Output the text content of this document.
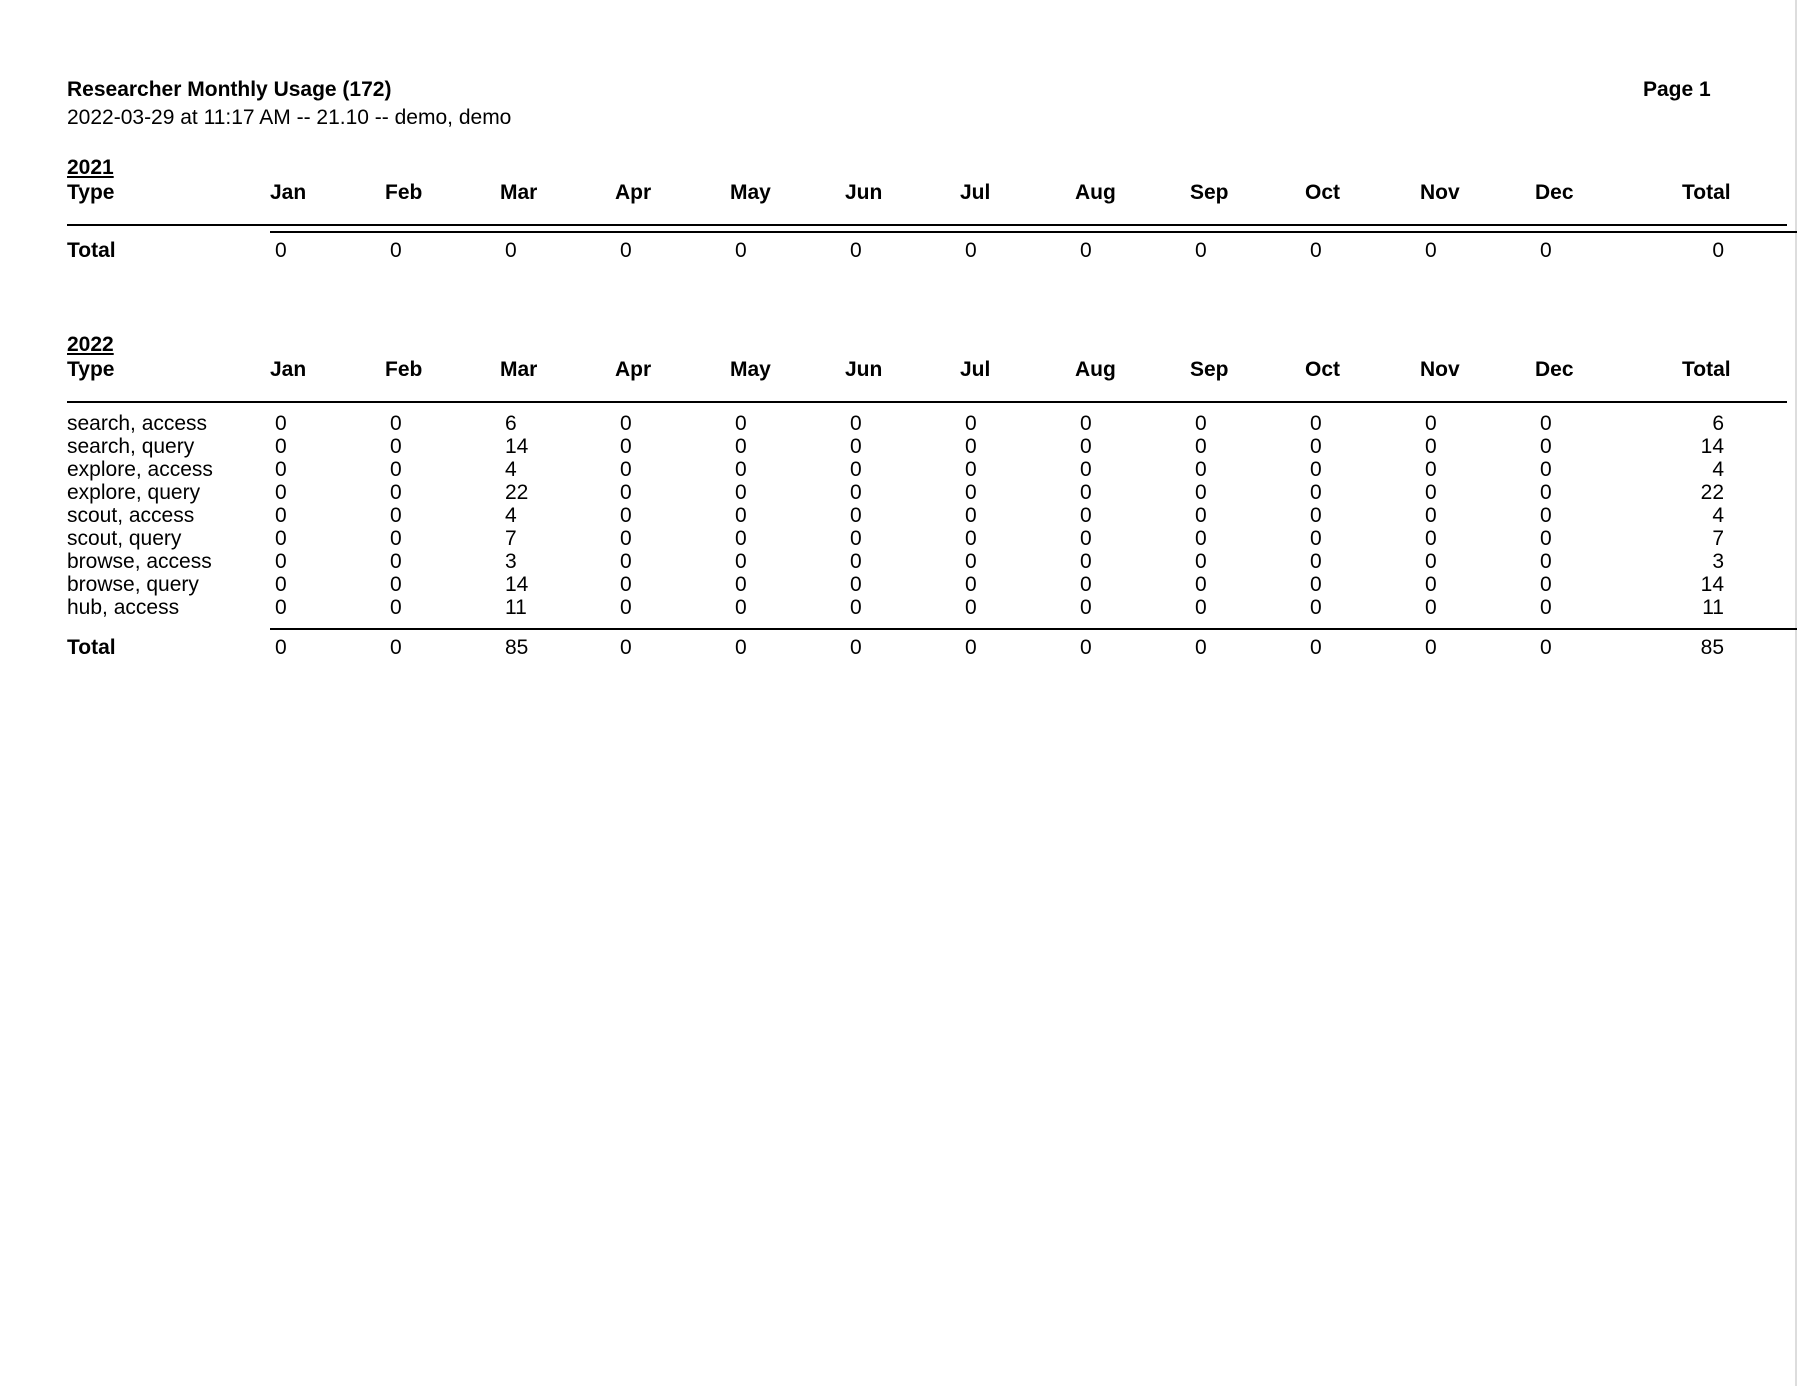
Researcher Monthly Usage (172)
2022-03-29 at 11:17 AM -- 21.10 -- demo, demo
Page 1
2021
Type	Jan	Feb	Mar	Apr	May	Jun	Jul	Aug	Sep	Oct	Nov	Dec	Total
Total	0	0	0	0	0	0	0	0	0	0	0	0	0
2022
Type	Jan	Feb	Mar	Apr	May	Jun	Jul	Aug	Sep	Oct	Nov	Dec	Total
search, access	0	0	6	0	0	0	0	0	0	0	0	0	6
search, query	0	0	14	0	0	0	0	0	0	0	0	0	14
explore, access	0	0	4	0	0	0	0	0	0	0	0	0	4
explore, query	0	0	22	0	0	0	0	0	0	0	0	0	22
scout, access	0	0	4	0	0	0	0	0	0	0	0	0	4
scout, query	0	0	7	0	0	0	0	0	0	0	0	0	7
browse, access	0	0	3	0	0	0	0	0	0	0	0	0	3
browse, query	0	0	14	0	0	0	0	0	0	0	0	0	14
hub, access	0	0	11	0	0	0	0	0	0	0	0	0	11
Total	0	0	85	0	0	0	0	0	0	0	0	0	85
